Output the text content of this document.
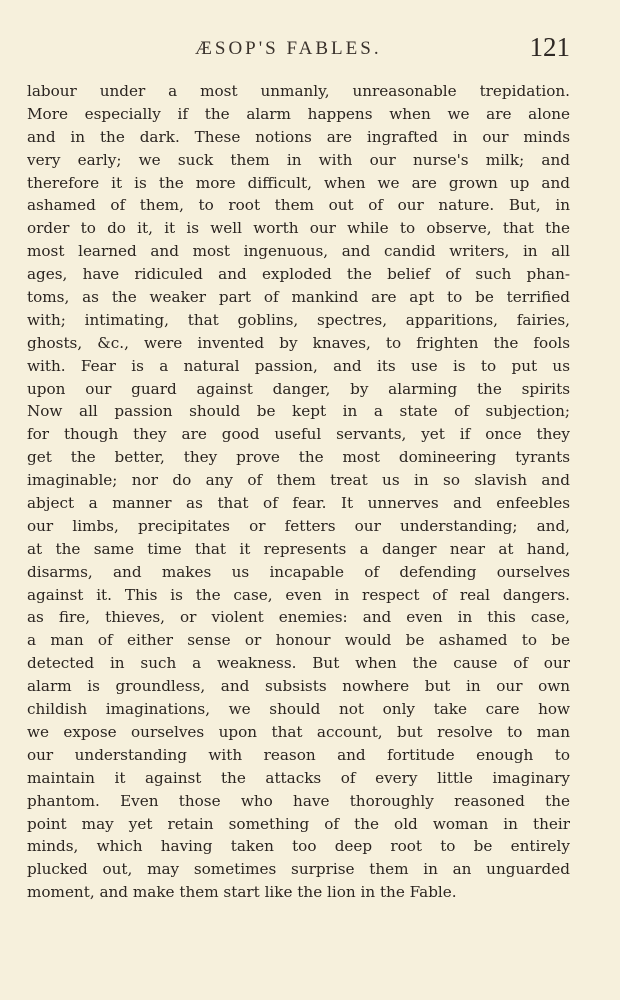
ÆSOP'S FABLES.	121
labour under a most unmanly, unreasonable trepidation.
More especially if the alarm happens when we are alone
and in the dark. These notions are ingrafted in our minds
very early; we suck them in with our nurse's milk; and
therefore it is the more difficult, when we are grown up and
ashamed of them, to root them out of our nature. But, in
order to do it, it is well worth our while to observe, that the
most learned and most ingenuous, and candid writers, in all
ages, have ridiculed and exploded the belief of such phan-
toms, as the weaker part of mankind are apt to be terrified
with; intimating, that goblins, spectres, apparitions, fairies,
ghosts, &c., were invented by knaves, to frighten the fools
with. Fear is a natural passion, and its use is to put us
upon our guard against danger, by alarming the spirits
Now all passion should be kept in a state of subjection;
for though they are good useful servants, yet if once they
get the better, they prove the most domineering tyrants
imaginable; nor do any of them treat us in so slavish and
abject a manner as that of fear. It unnerves and enfeebles
our limbs, precipitates or fetters our understanding; and,
at the same time that it represents a danger near at hand,
disarms, and makes us incapable of defending ourselves
against it. This is the case, even in respect of real dangers.
as fire, thieves, or violent enemies: and even in this case,
a man of either sense or honour would be ashamed to be
detected in such a weakness. But when the cause of our
alarm is groundless, and subsists nowhere but in our own
childish imaginations, we should not only take care how
we expose ourselves upon that account, but resolve to man
our understanding with reason and fortitude enough to
maintain it against the attacks of every little imaginary
phantom. Even those who have thoroughly reasoned the
point may yet retain something of the old woman in their
minds, which having taken too deep root to be entirely
plucked out, may sometimes surprise them in an unguarded
moment, and make them start like the lion in the Fable.
